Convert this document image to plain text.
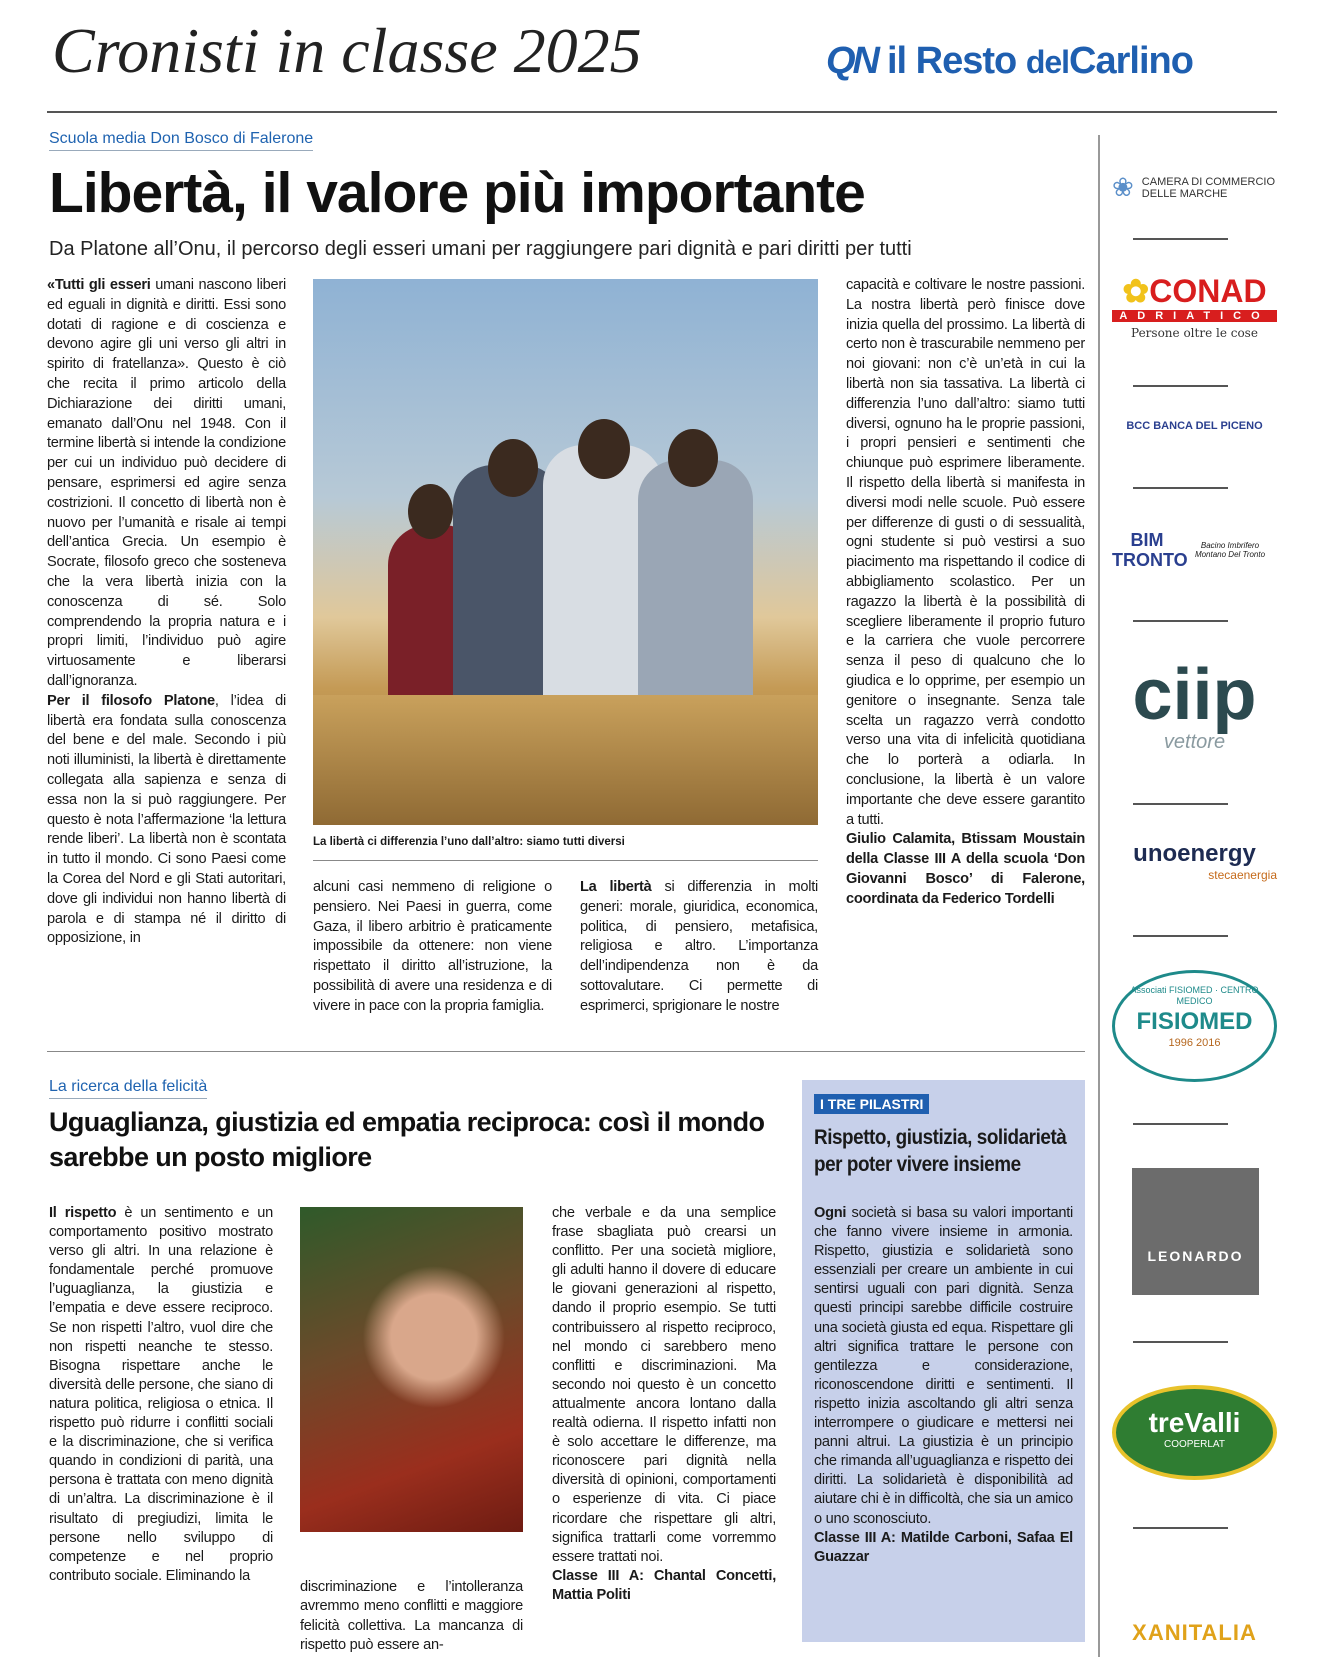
Cronisti in classe 2025	QN il Resto delCarlino
Scuola media Don Bosco di Falerone
Libertà, il valore più importante
Da Platone all’Onu, il percorso degli esseri umani per raggiungere pari dignità e pari diritti per tutti
«Tutti gli esseri umani nascono liberi ed eguali in dignità e diritti. Essi sono dotati di ragione e di coscienza e devono agire gli uni verso gli altri in spirito di fratellanza». Questo è ciò che recita il primo articolo della Dichiarazione dei diritti umani, emanato dall’Onu nel 1948. Con il termine libertà si intende la condizione per cui un individuo può decidere di pensare, esprimersi ed agire senza costrizioni. Il concetto di libertà non è nuovo per l’umanità e risale ai tempi dell’antica Grecia. Un esempio è Socrate, filosofo greco che sosteneva che la vera libertà inizia con la conoscenza di sé. Solo comprendendo la propria natura e i propri limiti, l’individuo può agire virtuosamente e liberarsi dall’ignoranza.
Per il filosofo Platone, l’idea di libertà era fondata sulla conoscenza del bene e del male. Secondo i più noti illuministi, la libertà è direttamente collegata alla sapienza e senza di essa non la si può raggiungere. Per questo è nota l’affermazione ‘la lettura rende liberi’. La libertà non è scontata in tutto il mondo. Ci sono Paesi come la Corea del Nord e gli Stati autoritari, dove gli individui non hanno libertà di parola e di stampa né il diritto di opposizione, in
La libertà ci differenzia l’uno dall’altro: siamo tutti diversi
alcuni casi nemmeno di religione o pensiero. Nei Paesi in guerra, come Gaza, il libero arbitrio è praticamente impossibile da ottenere: non viene rispettato il diritto all’istruzione, la possibilità di avere una residenza e di vivere in pace con la propria famiglia.
La libertà si differenzia in molti generi: morale, giuridica, economica, politica, di pensiero, metafisica, religiosa e altro. L’importanza dell’indipendenza non è da sottovalutare. Ci permette di esprimerci, sprigionare le nostre
capacità e coltivare le nostre passioni. La nostra libertà però finisce dove inizia quella del prossimo. La libertà di certo non è trascurabile nemmeno per noi giovani: non c’è un’età in cui la libertà non sia tassativa. La libertà ci differenzia l’uno dall’altro: siamo tutti diversi, ognuno ha le proprie passioni, i propri pensieri e sentimenti che chiunque può esprimere liberamente. Il rispetto della libertà si manifesta in diversi modi nelle scuole. Può essere per differenze di gusti o di sessualità, ogni studente si può vestirsi a suo piacimento ma rispettando il codice di abbigliamento scolastico. Per un ragazzo la libertà è la possibilità di scegliere liberamente il proprio futuro e la carriera che vuole percorrere senza il peso di qualcuno che lo giudica e lo opprime, per esempio un genitore o insegnante. Senza tale scelta un ragazzo verrà condotto verso una vita di infelicità quotidiana che lo porterà a odiarla. In conclusione, la libertà è un valore importante che deve essere garantito a tutti.
Giulio Calamita, Btissam Moustain della Classe III A della scuola ‘Don Giovanni Bosco’ di Falerone, coordinata da Federico Tordelli
La ricerca della felicità
Uguaglianza, giustizia ed empatia reciproca: così il mondo sarebbe un posto migliore
Il rispetto è un sentimento e un comportamento positivo mostrato verso gli altri. In una relazione è fondamentale perché promuove l’uguaglianza, la giustizia e l’empatia e deve essere reciproco. Se non rispetti l’altro, vuol dire che non rispetti neanche te stesso. Bisogna rispettare anche le diversità delle persone, che siano di natura politica, religiosa o etnica. Il rispetto può ridurre i conflitti sociali e la discriminazione, che si verifica quando in condizioni di parità, una persona è trattata con meno dignità di un’altra. La discriminazione è il risultato di pregiudizi, limita le persone nello sviluppo di competenze e nel proprio contributo sociale. Eliminando la
discriminazione e l’intolleranza avremmo meno conflitti e maggiore felicità collettiva. La mancanza di rispetto può essere an-
che verbale e da una semplice frase sbagliata può crearsi un conflitto. Per una società migliore, gli adulti hanno il dovere di educare le giovani generazioni al rispetto, dando il proprio esempio. Se tutti contribuissero al rispetto reciproco, nel mondo ci sarebbero meno conflitti e discriminazioni. Ma secondo noi questo è un concetto attualmente ancora lontano dalla realtà odierna. Il rispetto infatti non è solo accettare le differenze, ma riconoscere pari dignità nella diversità di opinioni, comportamenti o esperienze di vita. Ci piace ricordare che rispettare gli altri, significa trattarli come vorremmo essere trattati noi.
Classe III A: Chantal Concetti, Mattia Politi
I TRE PILASTRI
Rispetto, giustizia, solidarietà per poter vivere insieme
Ogni società si basa su valori importanti che fanno vivere insieme in armonia. Rispetto, giustizia e solidarietà sono essenziali per creare un ambiente in cui sentirsi uguali con pari dignità. Senza questi principi sarebbe difficile costruire una società giusta ed equa. Rispettare gli altri significa trattare le persone con gentilezza e considerazione, riconoscendone diritti e sentimenti. Il rispetto inizia ascoltando gli altri senza interrompere o giudicare e mettersi nei panni altrui. La giustizia è un principio che rimanda all’uguaglianza e rispetto dei diritti. La solidarietà è disponibilità ad aiutare chi è in difficoltà, che sia un amico o uno sconosciuto.
Classe III A: Matilde Carboni, Safaa El Guazzar
❀ CAMERA DI COMMERCIO DELLE MARCHE
✿CONAD
ADRIATICO
Persone oltre le cose
BCC BANCA DEL PICENO
BIM TRONTO
Bacino Imbrifero Montano Del Tronto
ciip
vettore
unoenergy
stecaenergia
Associati FISIOMED · CENTRO MEDICO
FISIOMED
1996 2016
LEONARDO
treValli
COOPERLAT
XANITALIA
